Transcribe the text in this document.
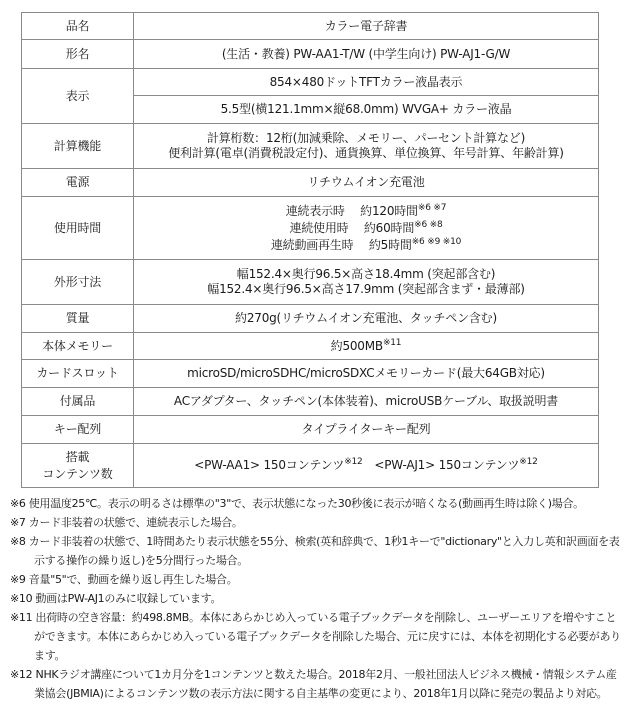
品名	カラー電子辞書
形名	(生活・教養) PW-AA1-T/W (中学生向け) PW-AJ1-G/W
表示	854×480ドットTFTカラー液晶表示
	5.5型(横121.1mm×縦68.0mm) WVGA+ カラー液晶
計算機能	計算桁数：12桁(加減乗除、メモリー、パーセント計算など)
便利計算(電卓(消費税設定付)、通貨換算、単位換算、年号計算、年齢計算)

電源	リチウムイオン充電池
使用時間	連続表示時　 約120時間$^{※6 ※7}$
連続使用時　 約60時間$^{※6 ※8}$
連続動画再生時　 約5時間$^{※6 ※9 ※10}$

外形寸法	幅152.4×奥行96.5×高さ18.4mm (突起部含む)
幅152.4×奥行96.5×高さ17.9mm (突起部含まず・最薄部)

質量	約270g(リチウムイオン充電池、タッチペン含む)
本体メモリー	約500MB$^{※11}$
カードスロット	microSD/microSDHC/microSDXCメモリーカード(最大64GB対応)
付属品	ACアダプター、タッチペン(本体装着)、microUSBケーブル、取扱説明書
キー配列	タイプライターキー配列

搭載
コンテンツ数	<PW-AA1> 150コンテンツ$^{※12}$　<PW-AJ1> 150コンテンツ$^{※12}$

※6 使用温度25℃。表示の明るさは標準の"3"で、表示状態になった30秒後に表示が暗くなる(動画再生時は除く)場合。

※7 カード非装着の状態で、連続表示した場合。

※8 カード非装着の状態で、1時間あたり表示状態を55分、検索(英和辞典で、1秒1キーで"dictionary"と入力し英和訳画面を表示する操作の繰り返し)を5分間行った場合。

※9 音量"5"で、動画を繰り返し再生した場合。

※10 動画はPW-AJ1のみに収録しています。

※11 出荷時の空き容量：約498.8MB。本体にあらかじめ入っている電子ブックデータを削除し、ユーザーエリアを増やすことができます。本体にあらかじめ入っている電子ブックデータを削除した場合、元に戻すには、本体を初期化する必要があります。

※12 NHKラジオ講座について1カ月分を1コンテンツと数えた場合。2018年2月、一般社団法人ビジネス機械・情報システム産業協会(JBMIA)によるコンテンツ数の表示方法に関する自主基準の変更により、2018年1月以降に発売の製品より対応。
